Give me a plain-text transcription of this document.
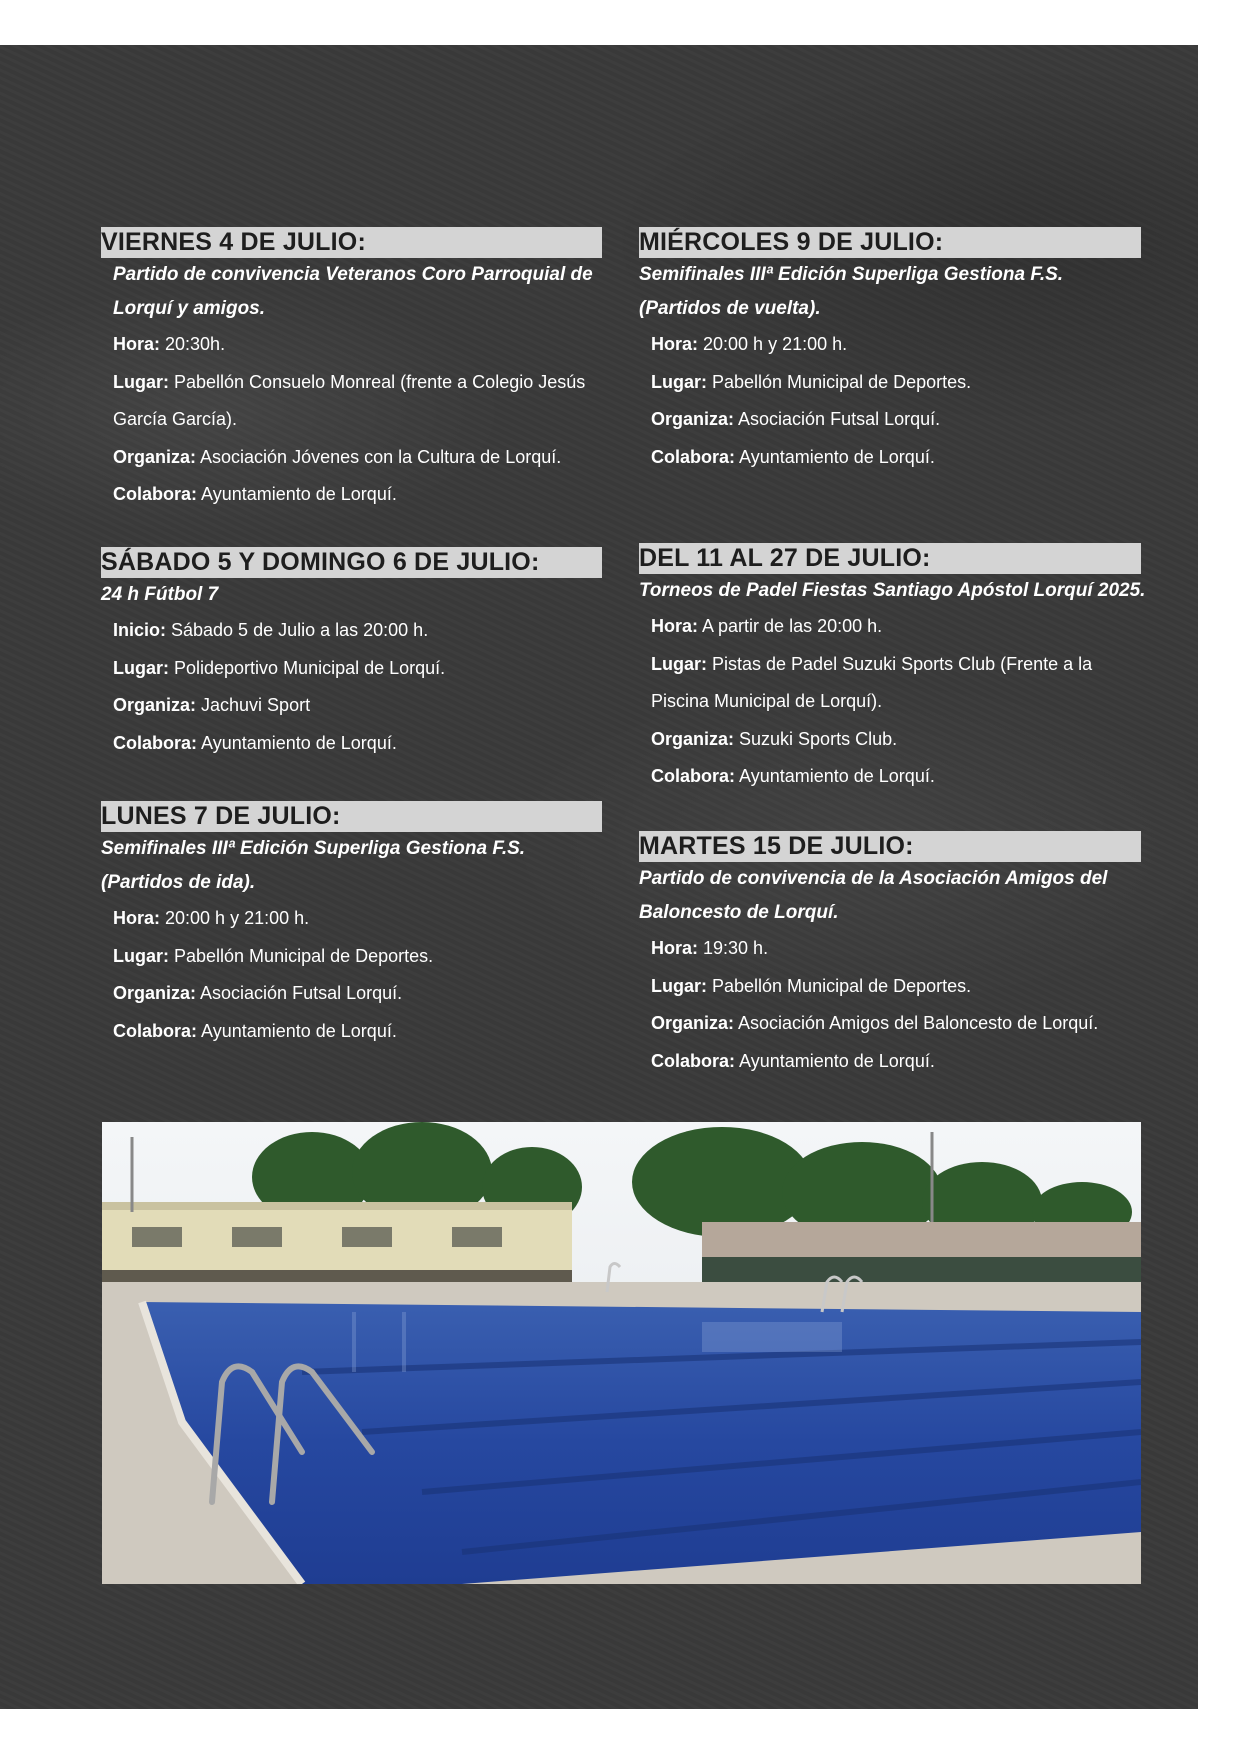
VIERNES 4 DE JULIO:
Partido de convivencia Veteranos Coro Parroquial de
Lorquí y amigos.
Hora: 20:30h.
Lugar: Pabellón Consuelo Monreal (frente a Colegio Jesús
García García).
Organiza: Asociación Jóvenes con la Cultura de Lorquí.
Colabora: Ayuntamiento de Lorquí.
SÁBADO 5 Y DOMINGO 6 DE JULIO:
24 h Fútbol 7
Inicio: Sábado 5 de Julio a las 20:00 h.
Lugar: Polideportivo Municipal de Lorquí.
Organiza: Jachuvi Sport
Colabora: Ayuntamiento de Lorquí.
LUNES 7 DE JULIO:
Semifinales IIIª Edición Superliga Gestiona F.S.
(Partidos de ida).
Hora: 20:00 h y 21:00 h.
Lugar: Pabellón Municipal de Deportes.
Organiza: Asociación Futsal Lorquí.
Colabora: Ayuntamiento de Lorquí.
MIÉRCOLES 9 DE JULIO:
Semifinales IIIª Edición Superliga Gestiona F.S.
(Partidos de vuelta).
Hora: 20:00 h y 21:00 h.
Lugar: Pabellón Municipal de Deportes.
Organiza: Asociación Futsal Lorquí.
Colabora: Ayuntamiento de Lorquí.
DEL 11 AL 27 DE JULIO:
Torneos de Padel Fiestas Santiago Apóstol Lorquí 2025.
Hora: A partir de las 20:00 h.
Lugar: Pistas de Padel Suzuki Sports Club (Frente a la
Piscina Municipal de Lorquí).
Organiza: Suzuki Sports Club.
Colabora: Ayuntamiento de Lorquí.
MARTES 15 DE JULIO:
Partido de convivencia de la Asociación Amigos del
Baloncesto de Lorquí.
Hora: 19:30 h.
Lugar: Pabellón Municipal de Deportes.
Organiza: Asociación Amigos del Baloncesto de Lorquí.
Colabora: Ayuntamiento de Lorquí.
